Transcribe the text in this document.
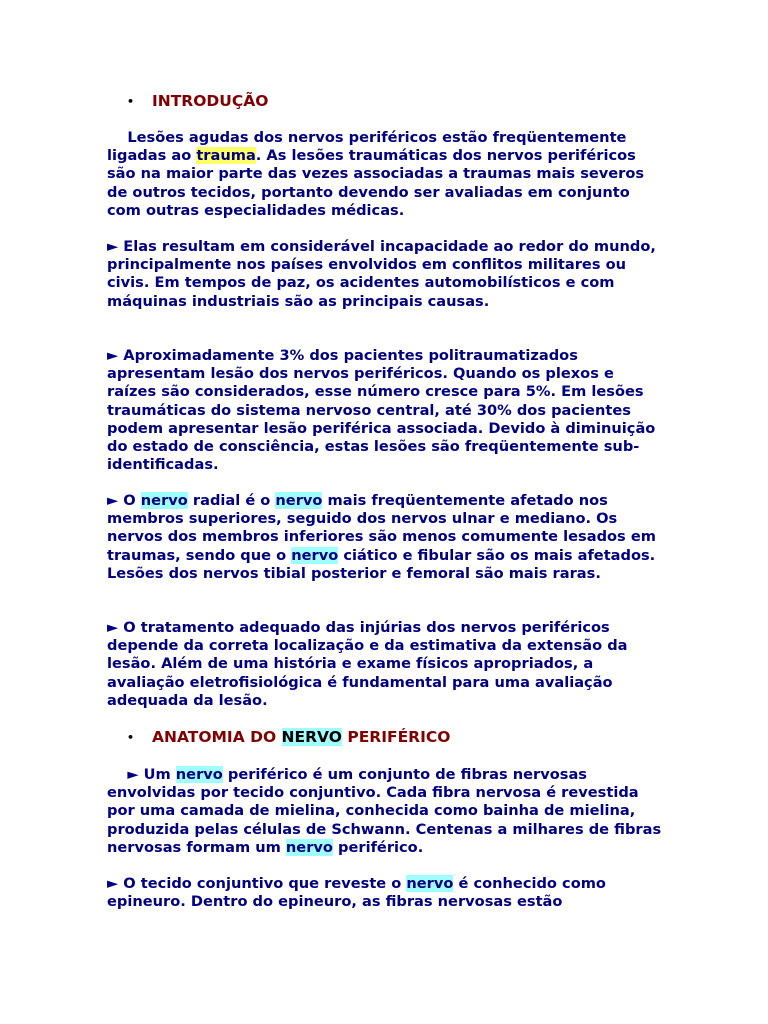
•	INTRODUÇÃO

Lesões agudas dos nervos periféricos estão freqüentemente ligadas ao trauma. As lesões traumáticas dos nervos periféricos são na maior parte das vezes associadas a traumas mais severos de outros tecidos, portanto devendo ser avaliadas em conjunto com outras especialidades médicas.

► Elas resultam em considerável incapacidade ao redor do mundo, principalmente nos países envolvidos em conflitos militares ou civis. Em tempos de paz, os acidentes automobilísticos e com máquinas industriais são as principais causas.

► Aproximadamente 3% dos pacientes politraumatizados apresentam lesão dos nervos periféricos. Quando os plexos e raízes são considerados, esse número cresce para 5%. Em lesões traumáticas do sistema nervoso central, até 30% dos pacientes podem apresentar lesão periférica associada. Devido à diminuição do estado de consciência, estas lesões são freqüentemente sub-identificadas.

► O nervo radial é o nervo mais freqüentemente afetado nos membros superiores, seguido dos nervos ulnar e mediano. Os nervos dos membros inferiores são menos comumente lesados em traumas, sendo que o nervo ciático e fibular são os mais afetados. Lesões dos nervos tibial posterior e femoral são mais raras.

► O tratamento adequado das injúrias dos nervos periféricos depende da correta localização e da estimativa da extensão da lesão. Além de uma história e exame físicos apropriados, a avaliação eletrofisiológica é fundamental para uma avaliação adequada da lesão.

•	ANATOMIA DO NERVO PERIFÉRICO

► Um nervo periférico é um conjunto de fibras nervosas envolvidas por tecido conjuntivo. Cada fibra nervosa é revestida por uma camada de mielina, conhecida como bainha de mielina, produzida pelas células de Schwann. Centenas a milhares de fibras nervosas formam um nervo periférico.

► O tecido conjuntivo que reveste o nervo é conhecido como epineuro. Dentro do epineuro, as fibras nervosas estão
